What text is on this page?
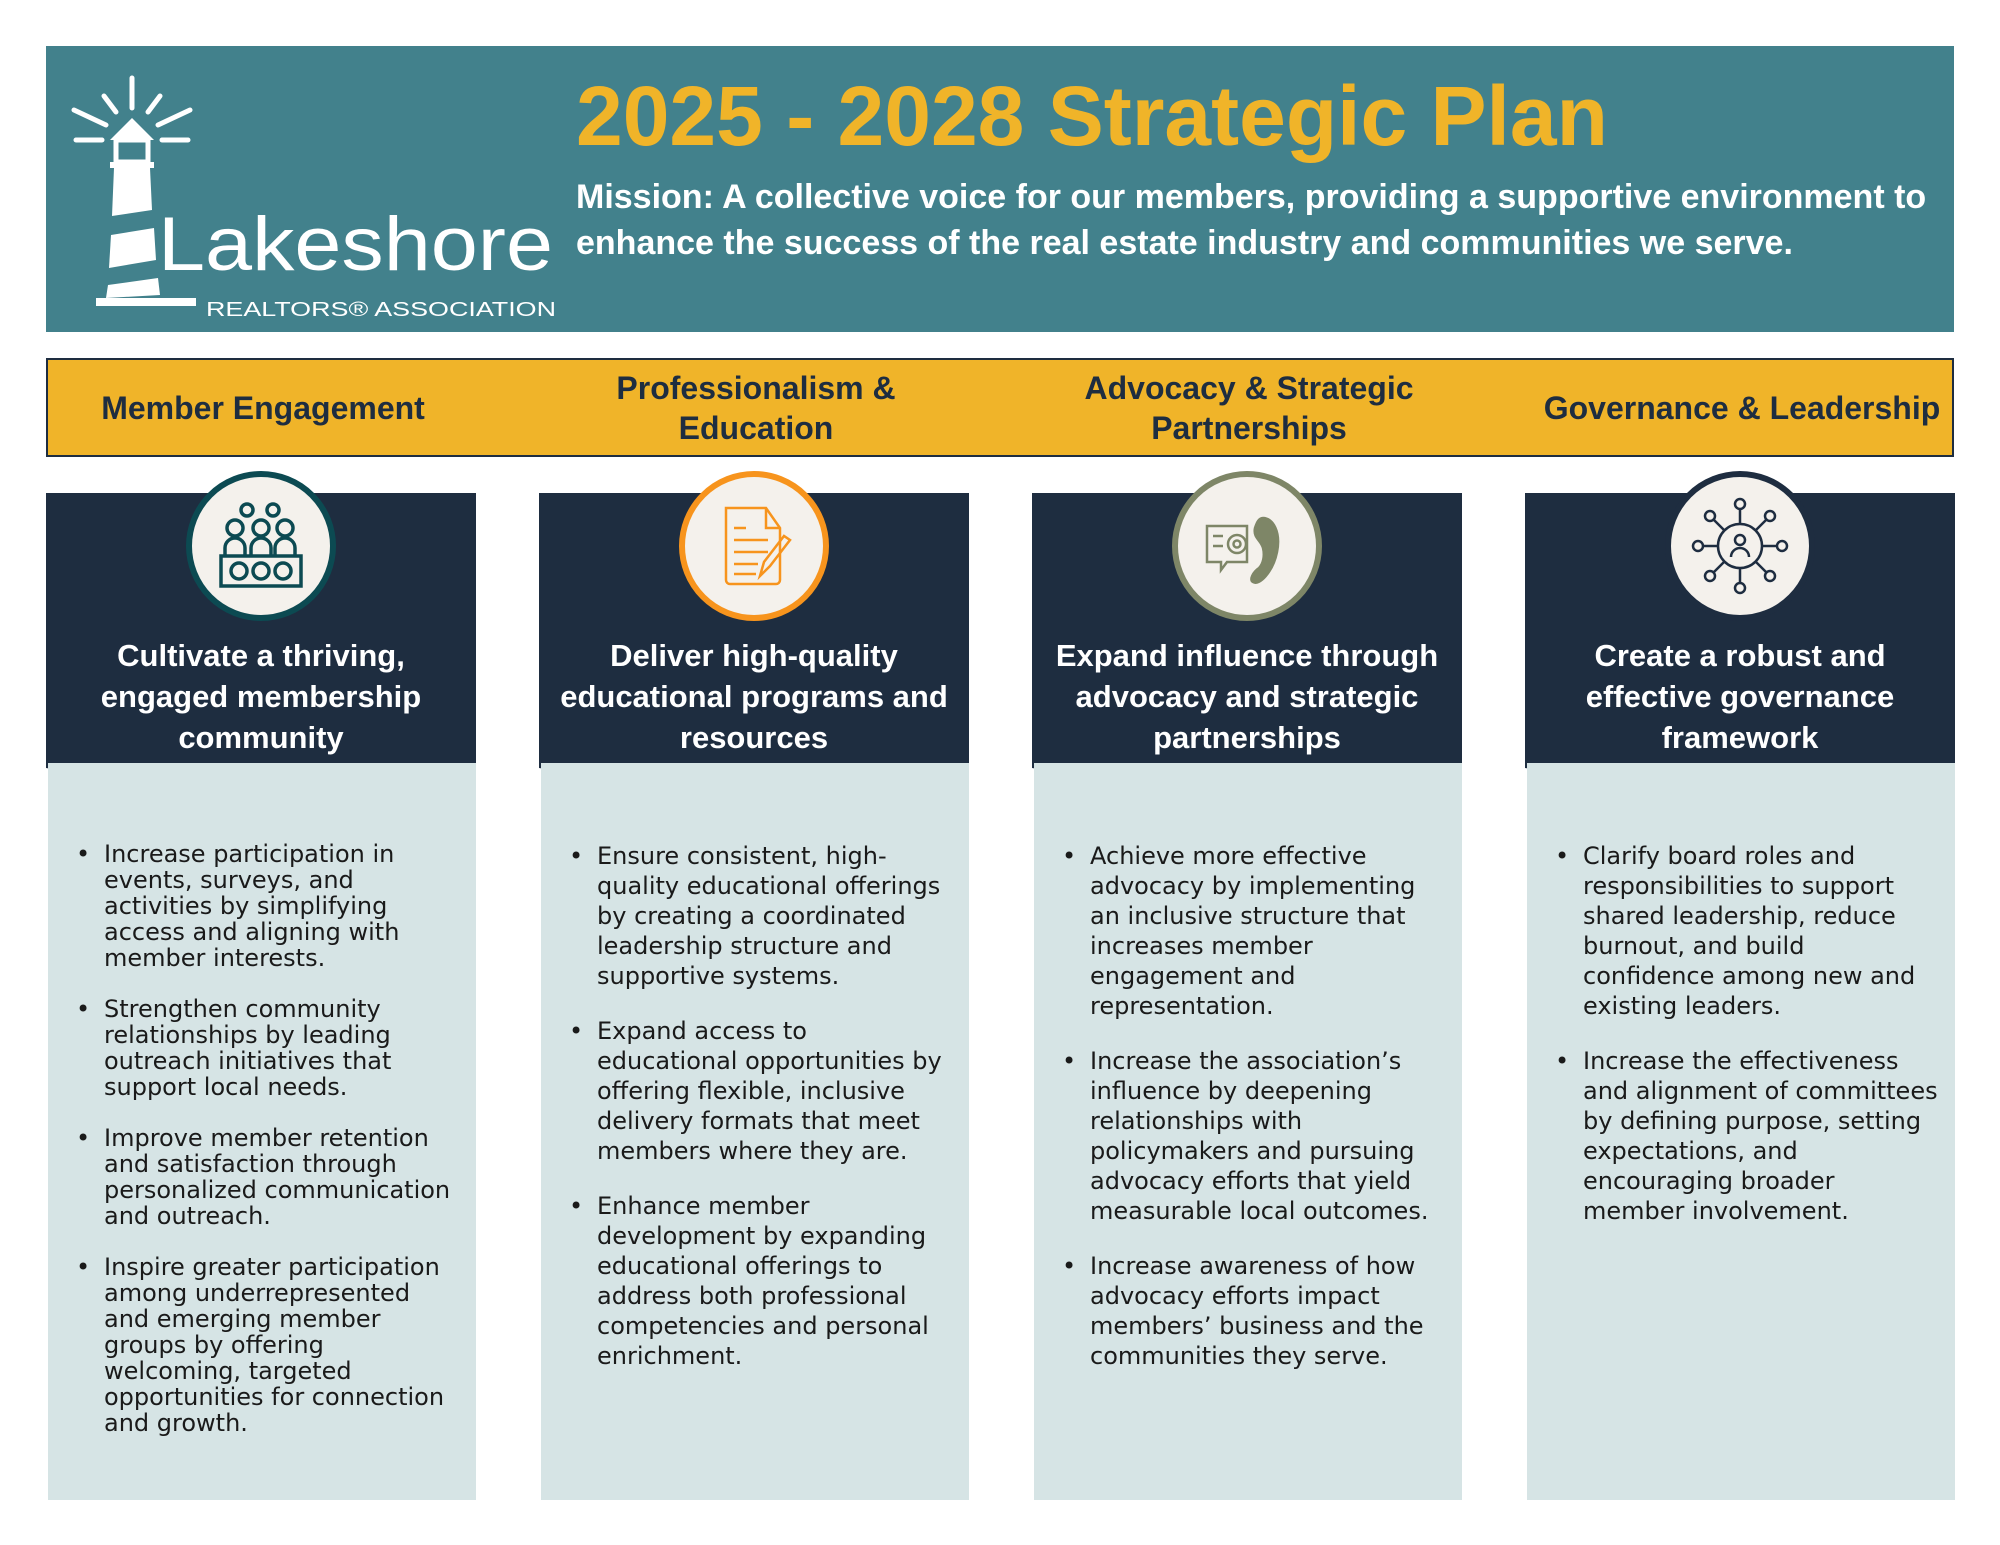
Lakeshore
REALTORS® ASSOCIATION
2025 - 2028 Strategic Plan
Mission: A collective voice for our members, providing a supportive environment to enhance the success of the real estate industry and communities we serve.
Member Engagement
Professionalism & Education
Advocacy & Strategic Partnerships
Governance & Leadership
Cultivate a thriving, engaged membership community
• Increase participation in events, surveys, and activities by simplifying access and aligning with member interests.
• Strengthen community relationships by leading outreach initiatives that support local needs.
• Improve member retention and satisfaction through personalized communication and outreach.
• Inspire greater participation among underrepresented and emerging member groups by offering welcoming, targeted opportunities for connection and growth.
Deliver high-quality educational programs and resources
• Ensure consistent, high-quality educational offerings by creating a coordinated leadership structure and supportive systems.
• Expand access to educational opportunities by offering flexible, inclusive delivery formats that meet members where they are.
• Enhance member development by expanding educational offerings to address both professional competencies and personal enrichment.
Expand influence through advocacy and strategic  partnerships
• Achieve more effective advocacy by implementing an inclusive structure that increases member engagement and representation.
• Increase the association’s influence by deepening relationships with policymakers and pursuing advocacy efforts that yield measurable local outcomes.
• Increase awareness of how advocacy efforts impact members’ business and the communities they serve.
Create a robust and effective governance framework
• Clarify board roles and responsibilities to support shared leadership, reduce burnout, and build confidence among new and existing leaders.
• Increase the effectiveness and alignment of committees by defining purpose, setting expectations, and encouraging broader member involvement.
